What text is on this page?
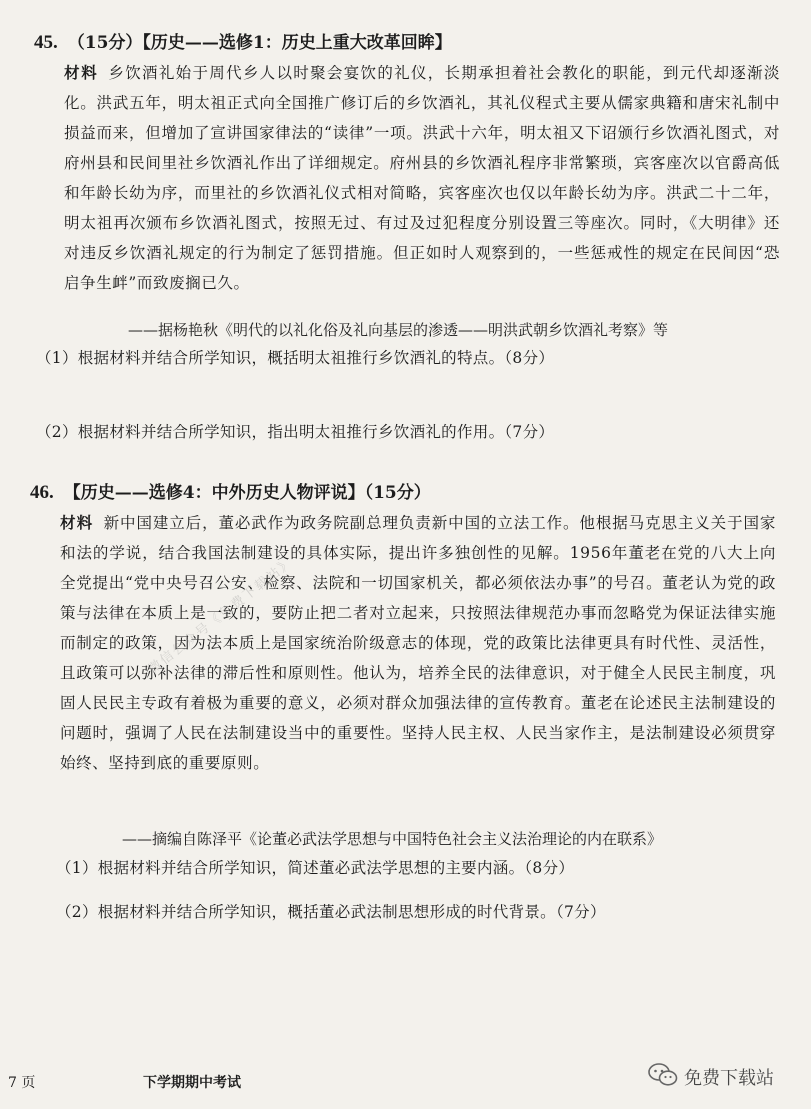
45. （15分）【历史——选修1：历史上重大改革回眸】
材料 乡饮酒礼始于周代乡人以时聚会宴饮的礼仪，长期承担着社会教化的职能，到元代却逐渐淡化。洪武五年，明太祖正式向全国推广修订后的乡饮酒礼，其礼仪程式主要从儒家典籍和唐宋礼制中损益而来，但增加了宣讲国家律法的“读律”一项。洪武十六年，明太祖又下诏颁行乡饮酒礼图式，对府州县和民间里社乡饮酒礼作出了详细规定。府州县的乡饮酒礼程序非常繁琐，宾客座次以官爵高低和年龄长幼为序，而里社的乡饮酒礼仪式相对简略，宾客座次也仅以年龄长幼为序。洪武二十二年，明太祖再次颁布乡饮酒礼图式，按照无过、有过及过犯程度分别设置三等座次。同时，《大明律》还对违反乡饮酒礼规定的行为制定了惩罚措施。但正如时人观察到的，一些惩戒性的规定在民间因“恐启争生衅”而致废搁已久。
——据杨艳秋《明代的以礼化俗及礼向基层的渗透——明洪武朝乡饮酒礼考察》等
（1）根据材料并结合所学知识，概括明太祖推行乡饮酒礼的特点。（8分）
（2）根据材料并结合所学知识，指出明太祖推行乡饮酒礼的作用。（7分）
46. 【历史——选修4：中外历史人物评说】（15分）
材料 新中国建立后，董必武作为政务院副总理负责新中国的立法工作。他根据马克思主义关于国家和法的学说，结合我国法制建设的具体实际，提出许多独创性的见解。1956年董老在党的八大上向全党提出“党中央号召公安、检察、法院和一切国家机关，都必须依法办事”的号召。董老认为党的政策与法律在本质上是一致的，要防止把二者对立起来，只按照法律规范办事而忽略党为保证法律实施而制定的政策，因为法本质上是国家统治阶级意志的体现，党的政策比法律更具有时代性、灵活性，且政策可以弥补法律的滞后性和原则性。他认为，培养全民的法律意识，对于健全人民民主制度，巩固人民民主专政有着极为重要的意义，必须对群众加强法律的宣传教育。董老在论述民主法制建设的问题时，强调了人民在法制建设当中的重要性。坚持人民主权、人民当家作主，是法制建设必须贯穿始终、坚持到底的重要原则。
——摘编自陈泽平《论董必武法学思想与中国特色社会主义法治理论的内在联系》
（1）根据材料并结合所学知识，简述董必武法学思想的主要内涵。（8分）
（2）根据材料并结合所学知识，概括董必武法制思想形成的时代背景。（7分）
微信公众号《免费下载站》
7 页	下学期期中考试	免费下载站
